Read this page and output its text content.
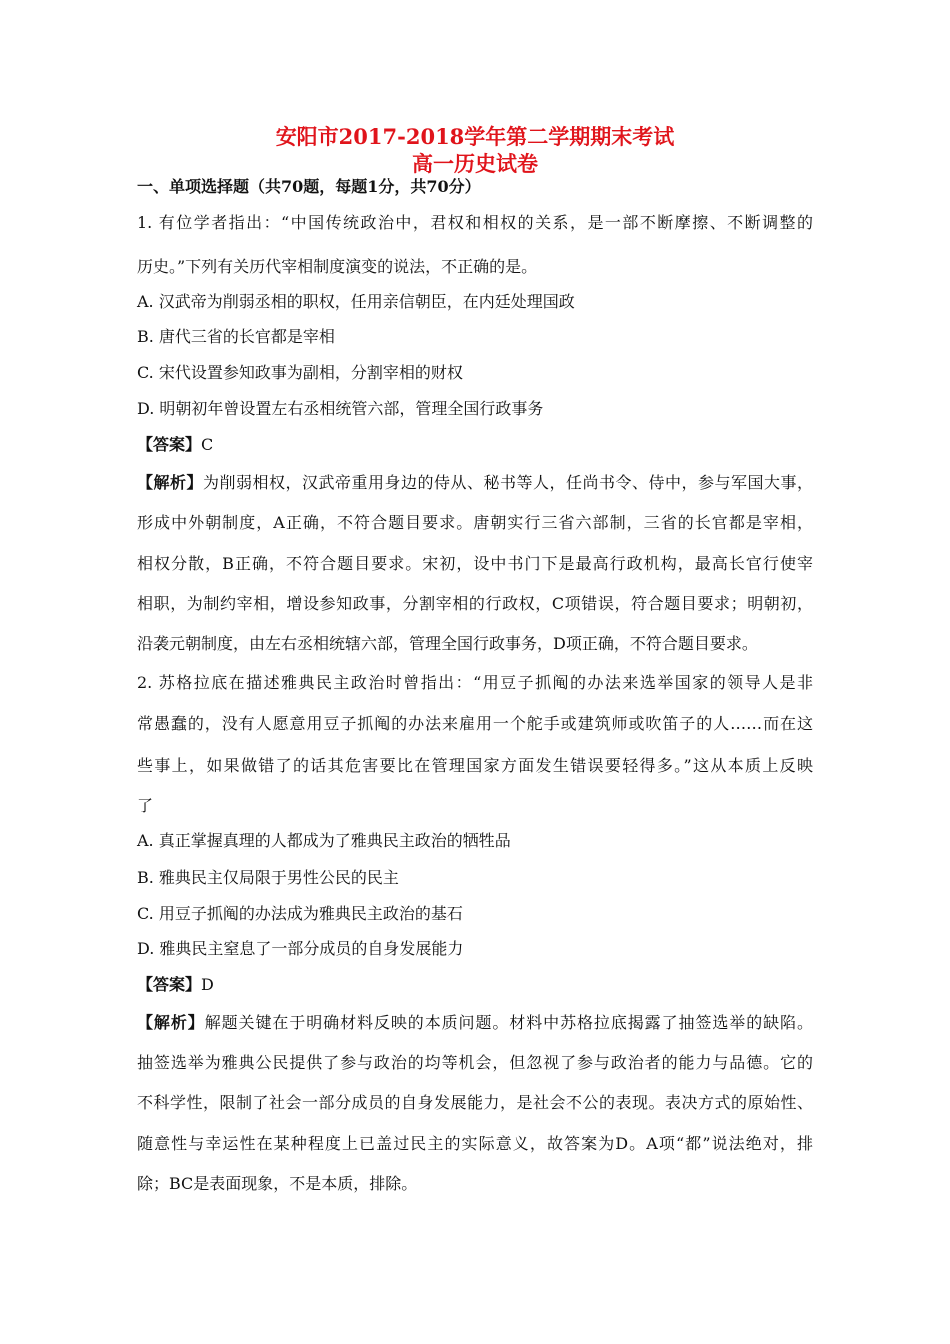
安阳市2017-2018学年第二学期期末考试
高一历史试卷
一、单项选择题（共70题，每题1分，共70分）
1. 有位学者指出：“中国传统政治中，君权和相权的关系，是一部不断摩擦、不断调整的
历史。”下列有关历代宰相制度演变的说法，不正确的是。
A. 汉武帝为削弱丞相的职权，任用亲信朝臣，在内廷处理国政
B. 唐代三省的长官都是宰相
C. 宋代设置参知政事为副相，分割宰相的财权
D. 明朝初年曾设置左右丞相统管六部，管理全国行政事务
【答案】C
【解析】为削弱相权，汉武帝重用身边的侍从、秘书等人，任尚书令、侍中，参与军国大事，
形成中外朝制度，A正确，不符合题目要求。唐朝实行三省六部制，三省的长官都是宰相，
相权分散，B正确，不符合题目要求。宋初，设中书门下是最高行政机构，最高长官行使宰
相职，为制约宰相，增设参知政事，分割宰相的行政权，C项错误，符合题目要求；明朝初，
沿袭元朝制度，由左右丞相统辖六部，管理全国行政事务，D项正确，不符合题目要求。
2. 苏格拉底在描述雅典民主政治时曾指出：“用豆子抓阄的办法来选举国家的领导人是非
常愚蠢的，没有人愿意用豆子抓阄的办法来雇用一个舵手或建筑师或吹笛子的人……而在这
些事上，如果做错了的话其危害要比在管理国家方面发生错误要轻得多。”这从本质上反映
了
A. 真正掌握真理的人都成为了雅典民主政治的牺牲品
B. 雅典民主仅局限于男性公民的民主
C. 用豆子抓阄的办法成为雅典民主政治的基石
D. 雅典民主窒息了一部分成员的自身发展能力
【答案】D
【解析】解题关键在于明确材料反映的本质问题。材料中苏格拉底揭露了抽签选举的缺陷。
抽签选举为雅典公民提供了参与政治的均等机会，但忽视了参与政治者的能力与品德。它的
不科学性，限制了社会一部分成员的自身发展能力，是社会不公的表现。表决方式的原始性、
随意性与幸运性在某种程度上已盖过民主的实际意义，故答案为D。A项“都”说法绝对，排
除；BC是表面现象，不是本质，排除。
